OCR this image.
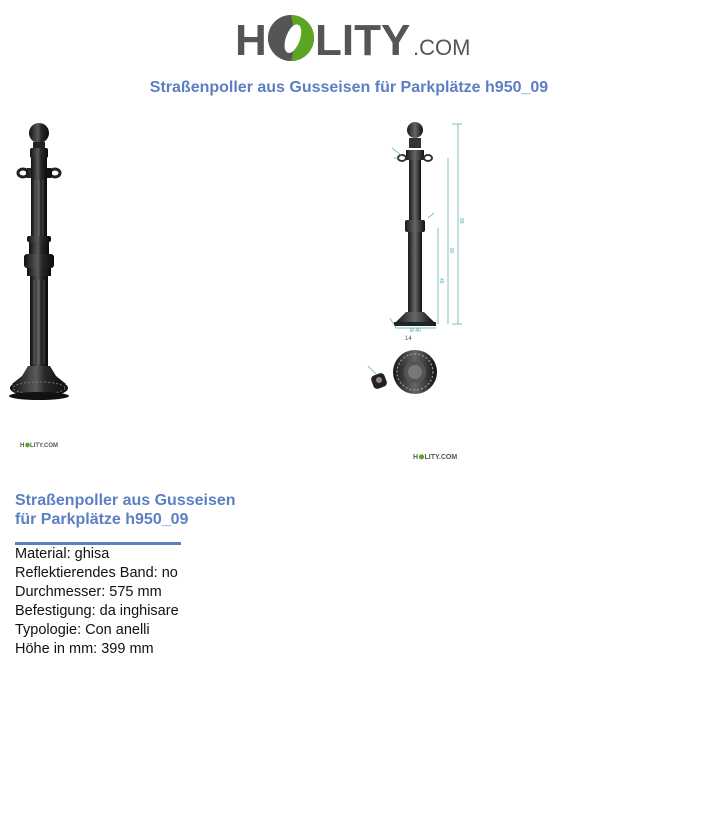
H LITY .COM
Straßenpoller aus Gusseisen für Parkplätze h950_09
99
80
45
Ø 40
14
H LITY.COM
H LITY.COM
Straßenpoller aus Gusseisen
für Parkplätze h950_09
Material: ghisa
Reflektierendes Band: no
Durchmesser: 575 mm
Befestigung: da inghisare
Typologie: Con anelli
Höhe in mm: 399 mm
